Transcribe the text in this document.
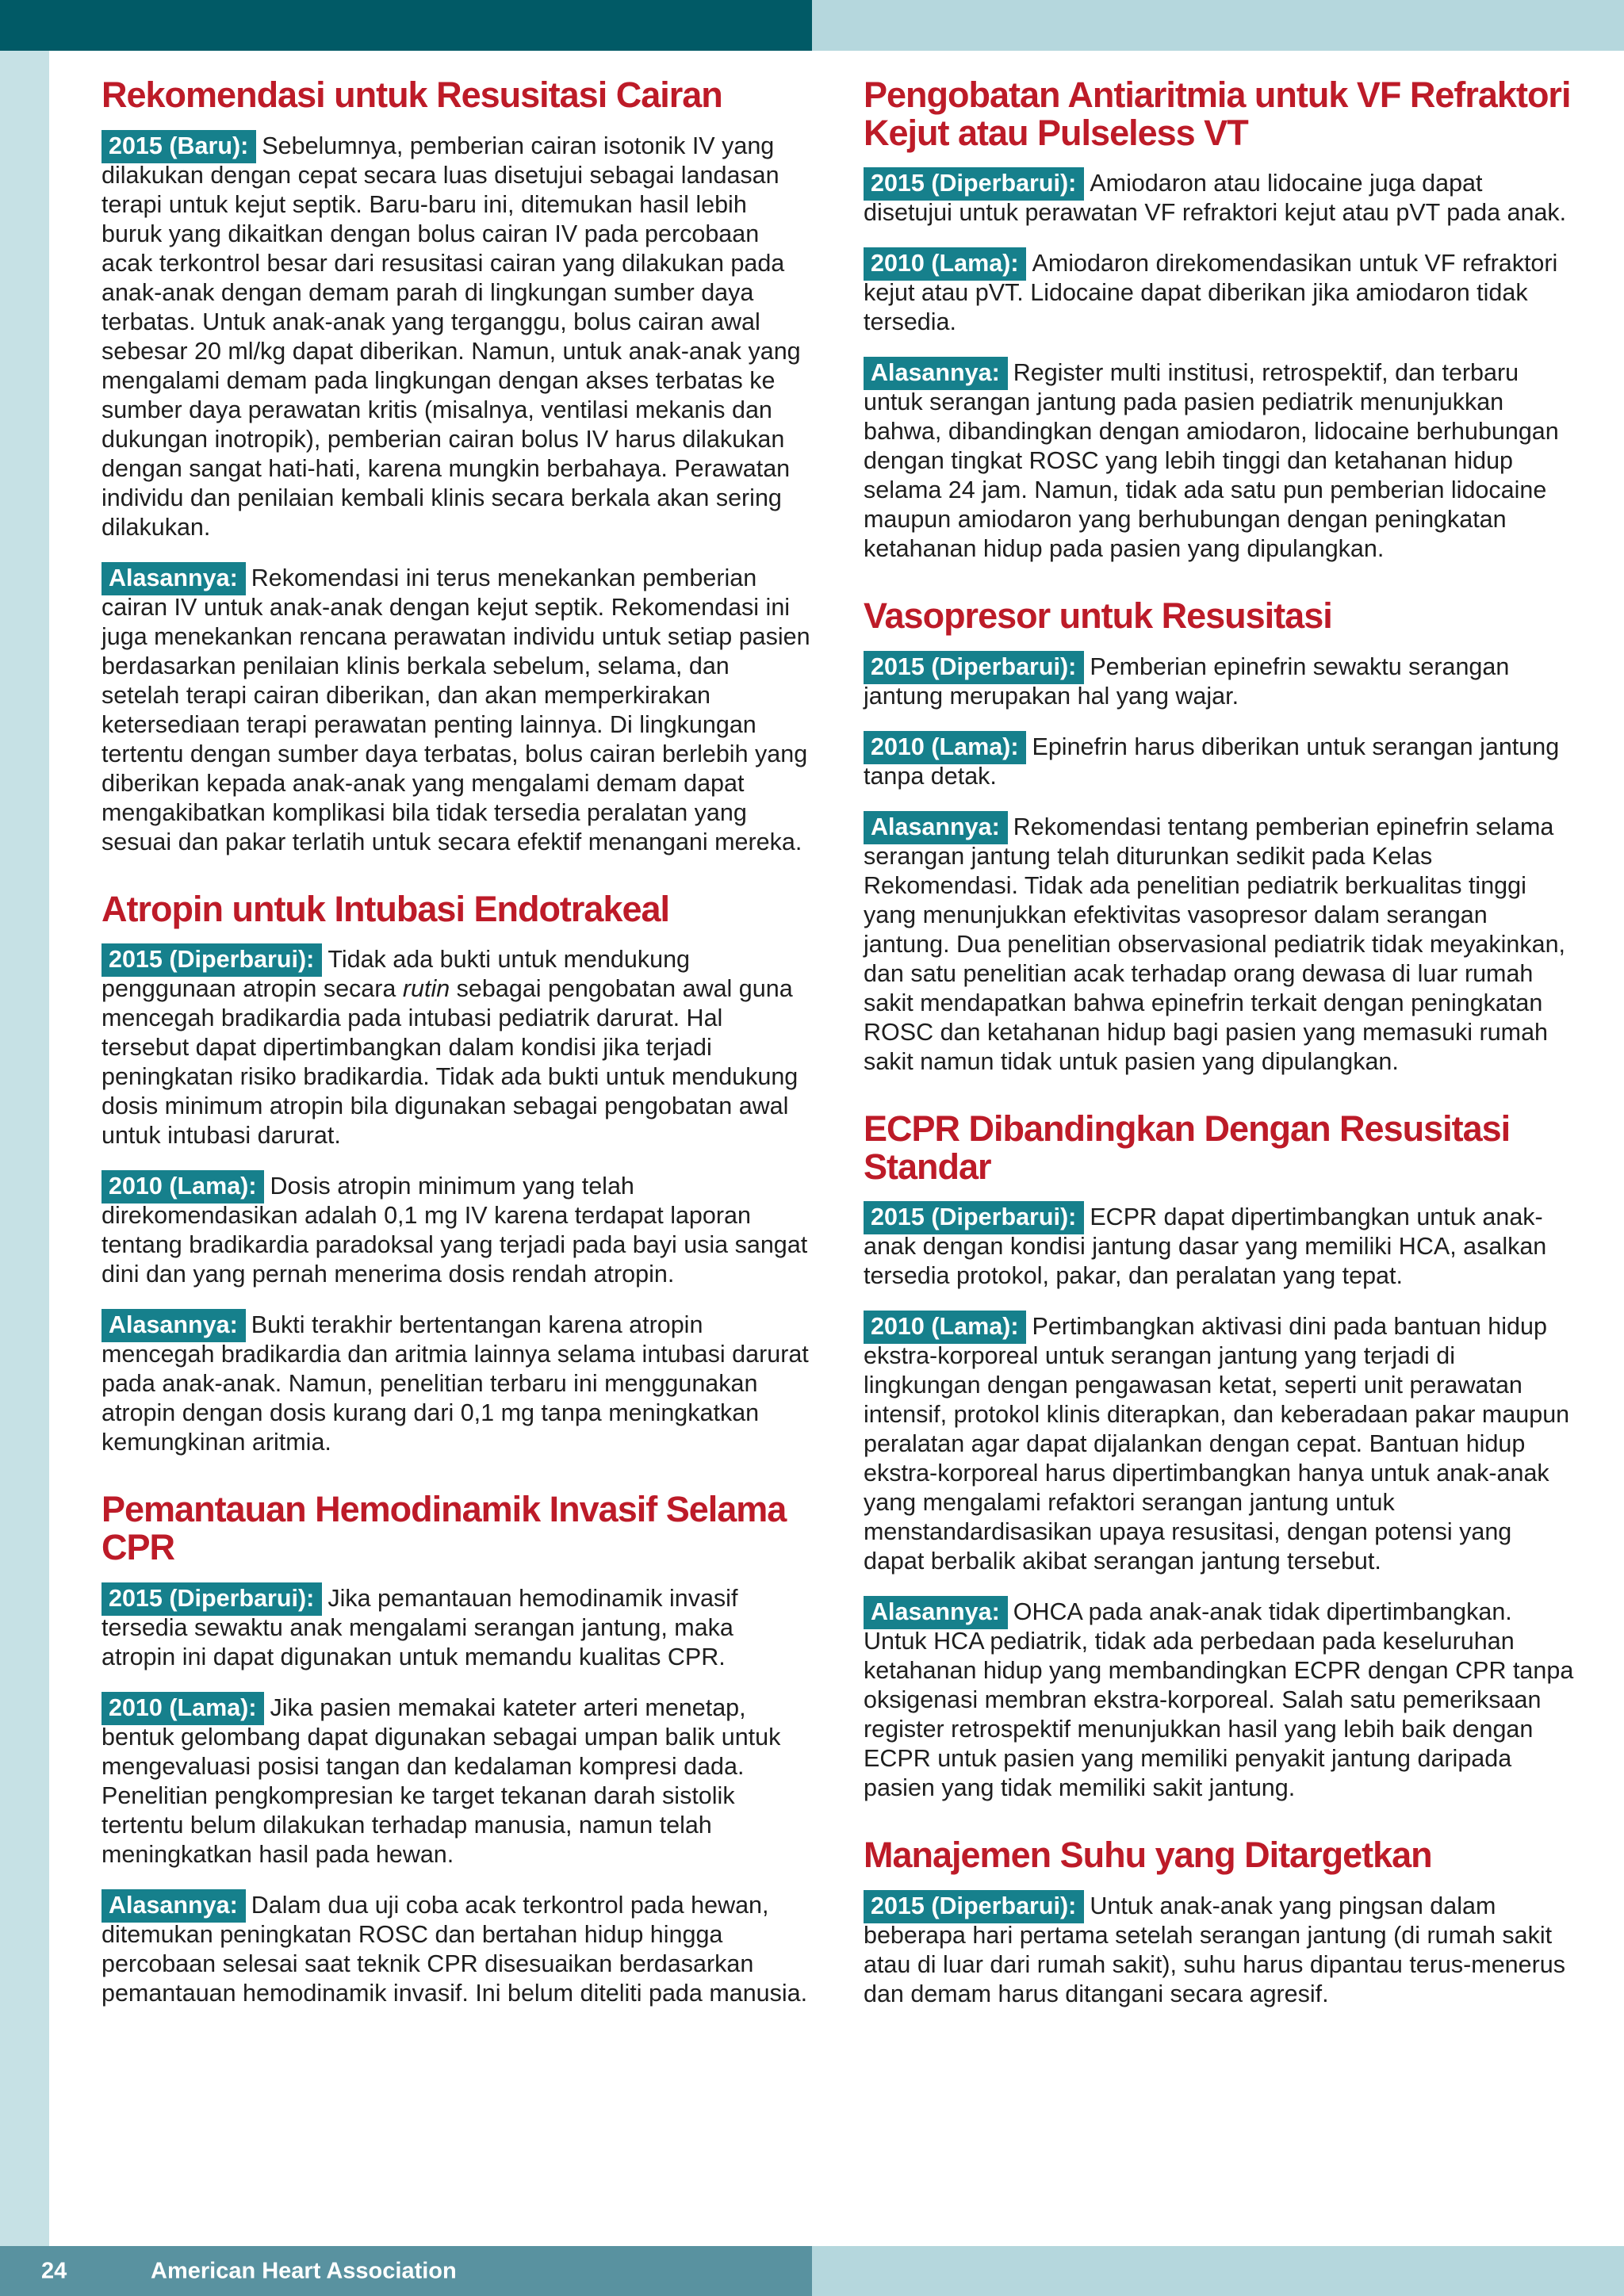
Rekomendasi untuk Resusitasi Cairan

2015 (Baru): Sebelumnya, pemberian cairan isotonik IV yang dilakukan dengan cepat secara luas disetujui sebagai landasan terapi untuk kejut septik. Baru-baru ini, ditemukan hasil lebih buruk yang dikaitkan dengan bolus cairan IV pada percobaan acak terkontrol besar dari resusitasi cairan yang dilakukan pada anak-anak dengan demam parah di lingkungan sumber daya terbatas. Untuk anak-anak yang terganggu, bolus cairan awal sebesar 20 ml/kg dapat diberikan. Namun, untuk anak-anak yang mengalami demam pada lingkungan dengan akses terbatas ke sumber daya perawatan kritis (misalnya, ventilasi mekanis dan dukungan inotropik), pemberian cairan bolus IV harus dilakukan dengan sangat hati-hati, karena mungkin berbahaya. Perawatan individu dan penilaian kembali klinis secara berkala akan sering dilakukan.

Alasannya: Rekomendasi ini terus menekankan pemberian cairan IV untuk anak-anak dengan kejut septik. Rekomendasi ini juga menekankan rencana perawatan individu untuk setiap pasien berdasarkan penilaian klinis berkala sebelum, selama, dan setelah terapi cairan diberikan, dan akan memperkirakan ketersediaan terapi perawatan penting lainnya. Di lingkungan tertentu dengan sumber daya terbatas, bolus cairan berlebih yang diberikan kepada anak-anak yang mengalami demam dapat mengakibatkan komplikasi bila tidak tersedia peralatan yang sesuai dan pakar terlatih untuk secara efektif menangani mereka.

Atropin untuk Intubasi Endotrakeal

2015 (Diperbarui): Tidak ada bukti untuk mendukung penggunaan atropin secara rutin sebagai pengobatan awal guna mencegah bradikardia pada intubasi pediatrik darurat. Hal tersebut dapat dipertimbangkan dalam kondisi jika terjadi peningkatan risiko bradikardia. Tidak ada bukti untuk mendukung dosis minimum atropin bila digunakan sebagai pengobatan awal untuk intubasi darurat.

2010 (Lama): Dosis atropin minimum yang telah direkomendasikan adalah 0,1 mg IV karena terdapat laporan tentang bradikardia paradoksal yang terjadi pada bayi usia sangat dini dan yang pernah menerima dosis rendah atropin.

Alasannya: Bukti terakhir bertentangan karena atropin mencegah bradikardia dan aritmia lainnya selama intubasi darurat pada anak-anak. Namun, penelitian terbaru ini menggunakan atropin dengan dosis kurang dari 0,1 mg tanpa meningkatkan kemungkinan aritmia.

Pemantauan Hemodinamik Invasif Selama CPR

2015 (Diperbarui): Jika pemantauan hemodinamik invasif tersedia sewaktu anak mengalami serangan jantung, maka atropin ini dapat digunakan untuk memandu kualitas CPR.

2010 (Lama): Jika pasien memakai kateter arteri menetap, bentuk gelombang dapat digunakan sebagai umpan balik untuk mengevaluasi posisi tangan dan kedalaman kompresi dada. Penelitian pengkompresian ke target tekanan darah sistolik tertentu belum dilakukan terhadap manusia, namun telah meningkatkan hasil pada hewan.

Alasannya: Dalam dua uji coba acak terkontrol pada hewan, ditemukan peningkatan ROSC dan bertahan hidup hingga percobaan selesai saat teknik CPR disesuaikan berdasarkan pemantauan hemodinamik invasif. Ini belum diteliti pada manusia.

Pengobatan Antiaritmia untuk VF Refraktori Kejut atau Pulseless VT

2015 (Diperbarui): Amiodaron atau lidocaine juga dapat disetujui untuk perawatan VF refraktori kejut atau pVT pada anak.

2010 (Lama): Amiodaron direkomendasikan untuk VF refraktori kejut atau pVT. Lidocaine dapat diberikan jika amiodaron tidak tersedia.

Alasannya: Register multi institusi, retrospektif, dan terbaru untuk serangan jantung pada pasien pediatrik menunjukkan bahwa, dibandingkan dengan amiodaron, lidocaine berhubungan dengan tingkat ROSC yang lebih tinggi dan ketahanan hidup selama 24 jam. Namun, tidak ada satu pun pemberian lidocaine maupun amiodaron yang berhubungan dengan peningkatan ketahanan hidup pada pasien yang dipulangkan.

Vasopresor untuk Resusitasi

2015 (Diperbarui): Pemberian epinefrin sewaktu serangan jantung merupakan hal yang wajar.

2010 (Lama): Epinefrin harus diberikan untuk serangan jantung tanpa detak.

Alasannya: Rekomendasi tentang pemberian epinefrin selama serangan jantung telah diturunkan sedikit pada Kelas Rekomendasi. Tidak ada penelitian pediatrik berkualitas tinggi yang menunjukkan efektivitas vasopresor dalam serangan jantung. Dua penelitian observasional pediatrik tidak meyakinkan, dan satu penelitian acak terhadap orang dewasa di luar rumah sakit mendapatkan bahwa epinefrin terkait dengan peningkatan ROSC dan ketahanan hidup bagi pasien yang memasuki rumah sakit namun tidak untuk pasien yang dipulangkan.

ECPR Dibandingkan Dengan Resusitasi Standar

2015 (Diperbarui): ECPR dapat dipertimbangkan untuk anak-anak dengan kondisi jantung dasar yang memiliki HCA, asalkan tersedia protokol, pakar, dan peralatan yang tepat.

2010 (Lama): Pertimbangkan aktivasi dini pada bantuan hidup ekstra-korporeal untuk serangan jantung yang terjadi di lingkungan dengan pengawasan ketat, seperti unit perawatan intensif, protokol klinis diterapkan, dan keberadaan pakar maupun peralatan agar dapat dijalankan dengan cepat. Bantuan hidup ekstra-korporeal harus dipertimbangkan hanya untuk anak-anak yang mengalami refaktori serangan jantung untuk menstandardisasikan upaya resusitasi, dengan potensi yang dapat berbalik akibat serangan jantung tersebut.

Alasannya: OHCA pada anak-anak tidak dipertimbangkan. Untuk HCA pediatrik, tidak ada perbedaan pada keseluruhan ketahanan hidup yang membandingkan ECPR dengan CPR tanpa oksigenasi membran ekstra-korporeal. Salah satu pemeriksaan register retrospektif menunjukkan hasil yang lebih baik dengan ECPR untuk pasien yang memiliki penyakit jantung daripada pasien yang tidak memiliki sakit jantung.

Manajemen Suhu yang Ditargetkan

2015 (Diperbarui): Untuk anak-anak yang pingsan dalam beberapa hari pertama setelah serangan jantung (di rumah sakit atau di luar dari rumah sakit), suhu harus dipantau terus-menerus dan demam harus ditangani secara agresif.

24	American Heart Association
